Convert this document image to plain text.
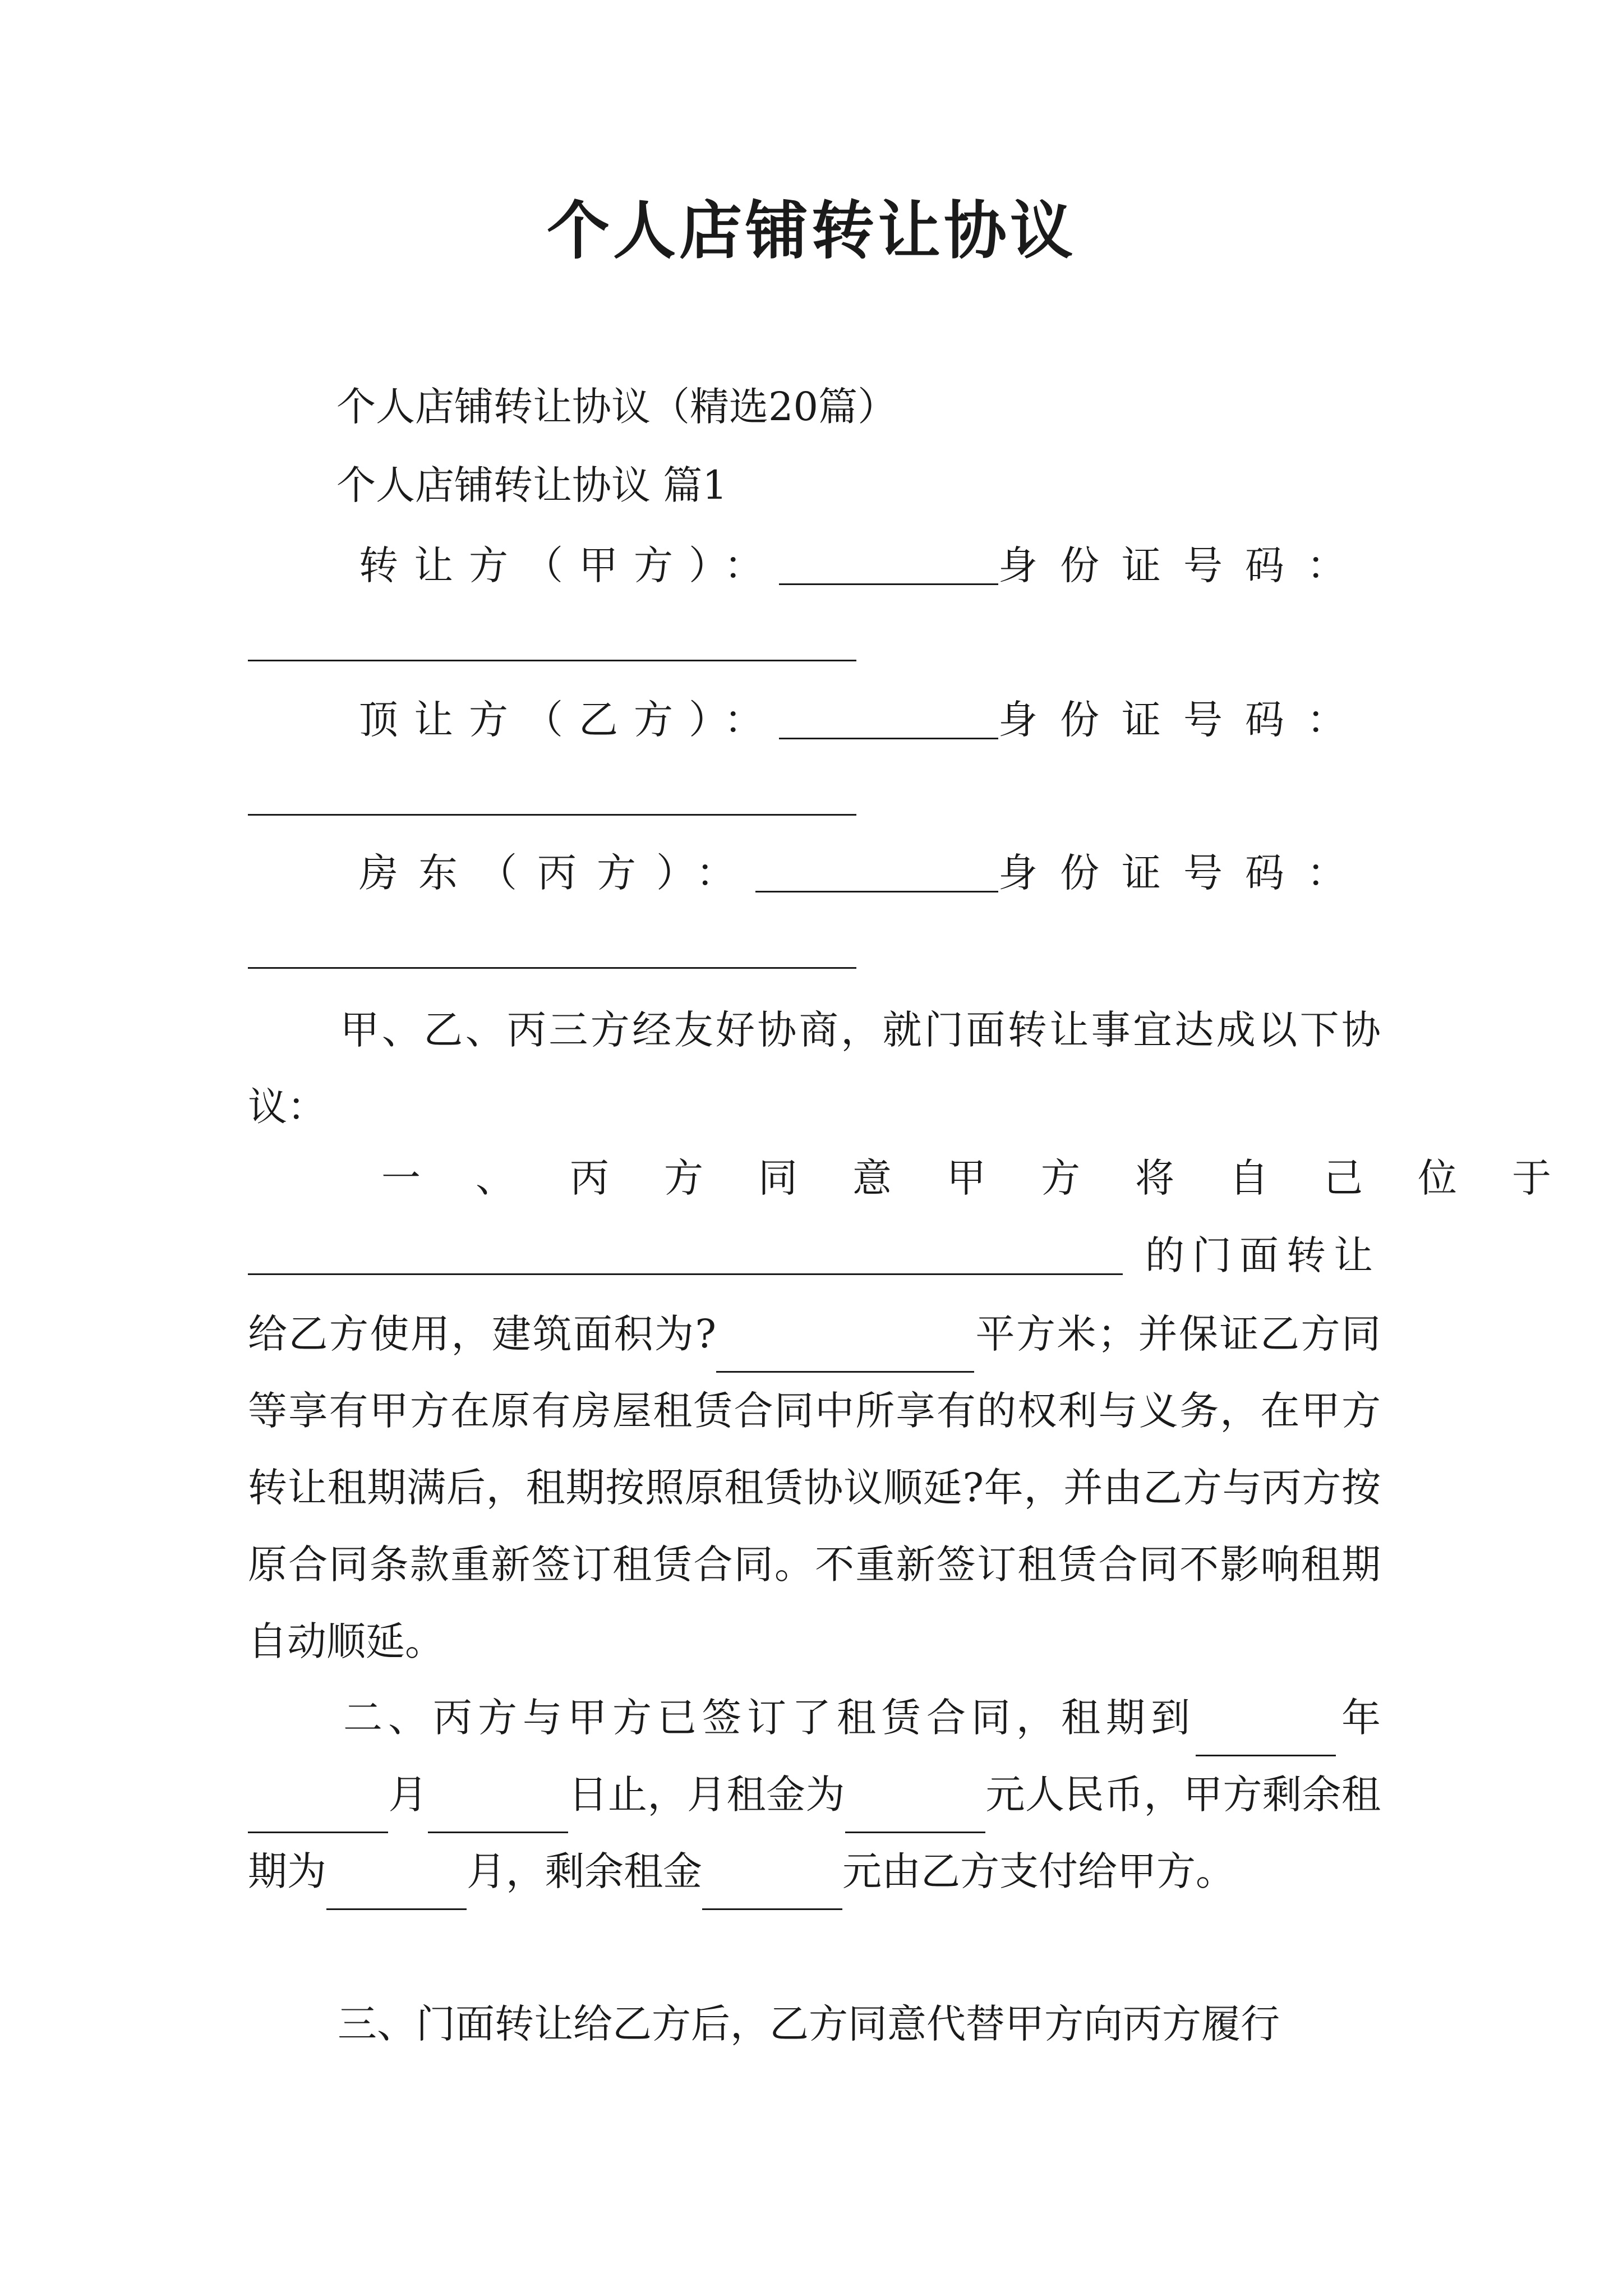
个人店铺转让协议
个人店铺转让协议（精选20篇）
个人店铺转让协议 篇1
转让方（甲方）：	身份证号码：
顶让方（乙方）：	身份证号码：
房东（丙方）：	身份证号码：
甲、乙、丙三方经友好协商，就门面转让事宜达成以下协议：
一、丙方同意甲方将自己位于
的门面转让
给乙方使用，建筑面积为?	平方米；并保证乙方同等享有甲方在原有房屋租赁合同中所享有的权利与义务，在甲方转让租期满后，租期按照原租赁协议顺延?年，并由乙方与丙方按原合同条款重新签订租赁合同。不重新签订租赁合同不影响租期自动顺延。
二、丙方与甲方已签订了租赁合同，租期到	年月	日止，月租金为	元人民币，甲方剩余租期为	月，剩余租金	元由乙方支付给甲方。
三、门面转让给乙方后，乙方同意代替甲方向丙方履行
